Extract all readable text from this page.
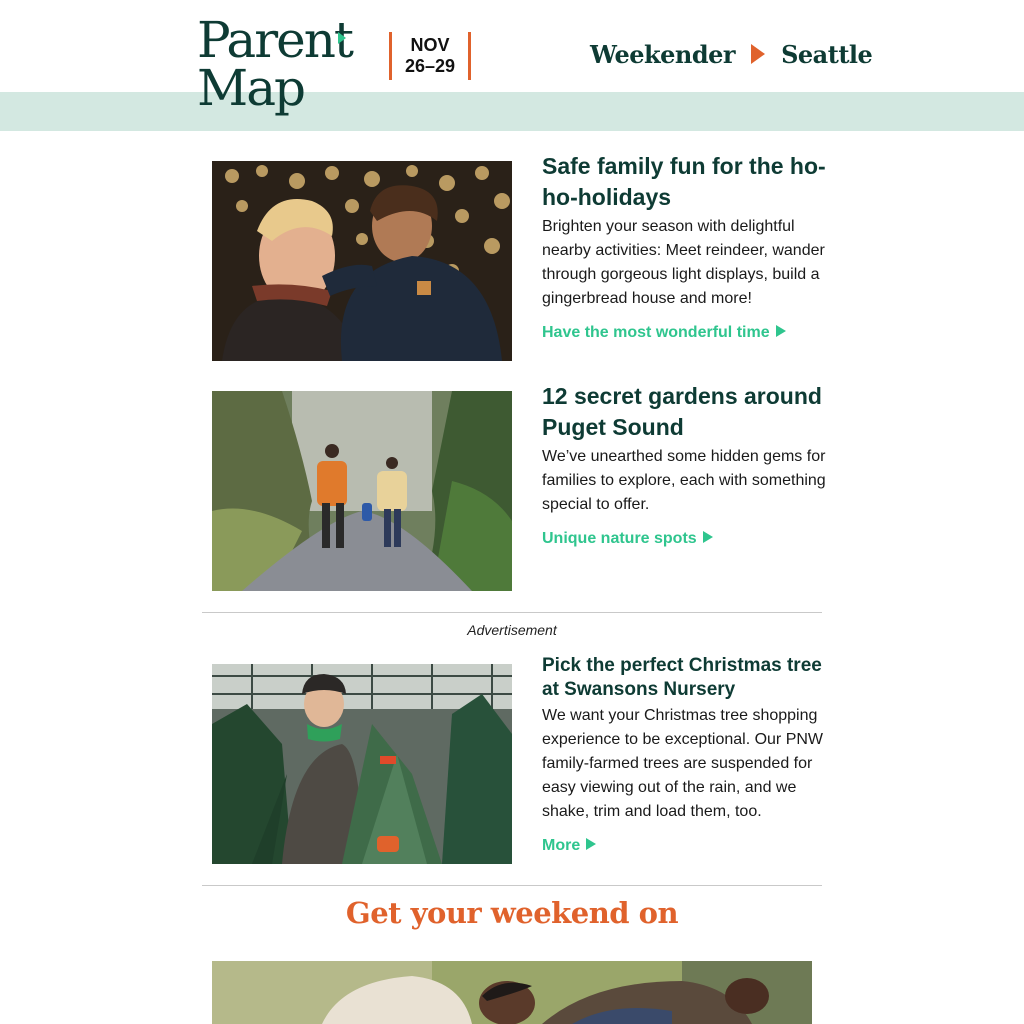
Parent
Map
NOV
26–29	Weekender Seattle
Safe family fun for the ho-ho-holidays

Brighten your season with delightful nearby activities: Meet reindeer, wander through gorgeous light displays, build a gingerbread house and more!

Have the most wonderful time
12 secret gardens around Puget Sound

We’ve unearthed some hidden gems for families to explore, each with something special to offer.

Unique nature spots
Advertisement
Pick the perfect Christmas tree at Swansons Nursery

We want your Christmas tree shopping experience to be exceptional. Our PNW family-farmed trees are suspended for easy viewing out of the rain, and we shake, trim and load them, too.

More
Get your weekend on
